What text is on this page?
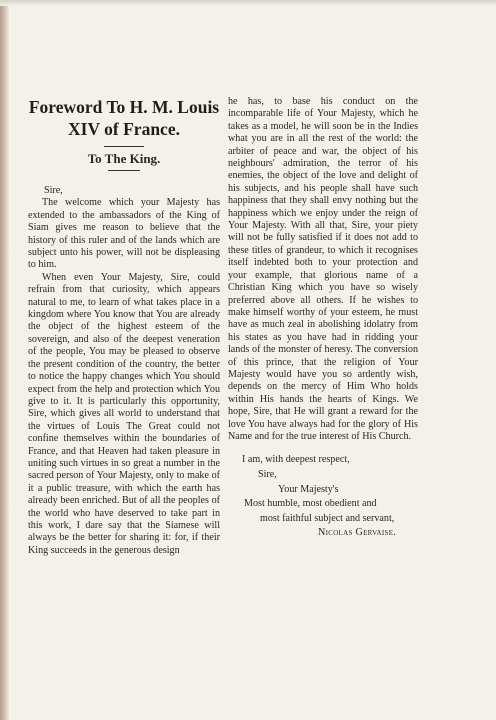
Foreword To H. M. Louis XIV of France.
To The King.
Sire,

The welcome which your Majesty has extended to the ambassadors of the King of Siam gives me reason to believe that the history of this ruler and of the lands which are subject unto his power, will not be displeasing to him.

When even Your Majesty, Sire, could refrain from that curiosity, which appears natural to me, to learn of what takes place in a kingdom where You know that You are already the object of the highest esteem of the sovereign, and also of the deepest veneration of the people, You may be pleased to observe the present condition of the country, the better to notice the happy changes which You should expect from the help and protection which You give to it. It is particularly this opportunity, Sire, which gives all world to understand that the virtues of Louis The Great could not confine themselves within the boundaries of France, and that Heaven had taken pleasure in uniting such virtues in so great a number in the sacred person of Your Majesty, only to make of it a public treasure, with which the earth has already been enriched. But of all the peoples of the world who have deserved to take part in this work, I dare say that the Siamese will always be the better for sharing it: for, if their King succeeds in the generous design

he has, to base his conduct on the incomparable life of Your Majesty, which he takes as a model, he will soon be in the Indies what you are in all the rest of the world: the arbiter of peace and war, the object of his neighbours' admiration, the terror of his enemies, the object of the love and delight of his subjects, and his people shall have such happiness that they shall envy nothing but the happiness which we enjoy under the reign of Your Majesty. With all that, Sire, your piety will not be fully satisfied if it does not add to these titles of grandeur, to which it recognises itself indebted both to your protection and your example, that glorious name of a Christian King which you have so wisely preferred above all others. If he wishes to make himself worthy of your esteem, he must have as much zeal in abolishing idolatry from his states as you have had in ridding your lands of the monster of heresy. The conversion of this prince, that the religion of Your Majesty would have you so ardently wish, depends on the mercy of Him Who holds within His hands the hearts of Kings. We hope, Sire, that He will grant a reward for the love You have always had for the glory of His Name and for the true interest of His Church.

I am, with deepest respect,
Sire,
Your Majesty's
Most humble, most obedient and
most faithful subject and servant,
Nicolas Gervaise.
